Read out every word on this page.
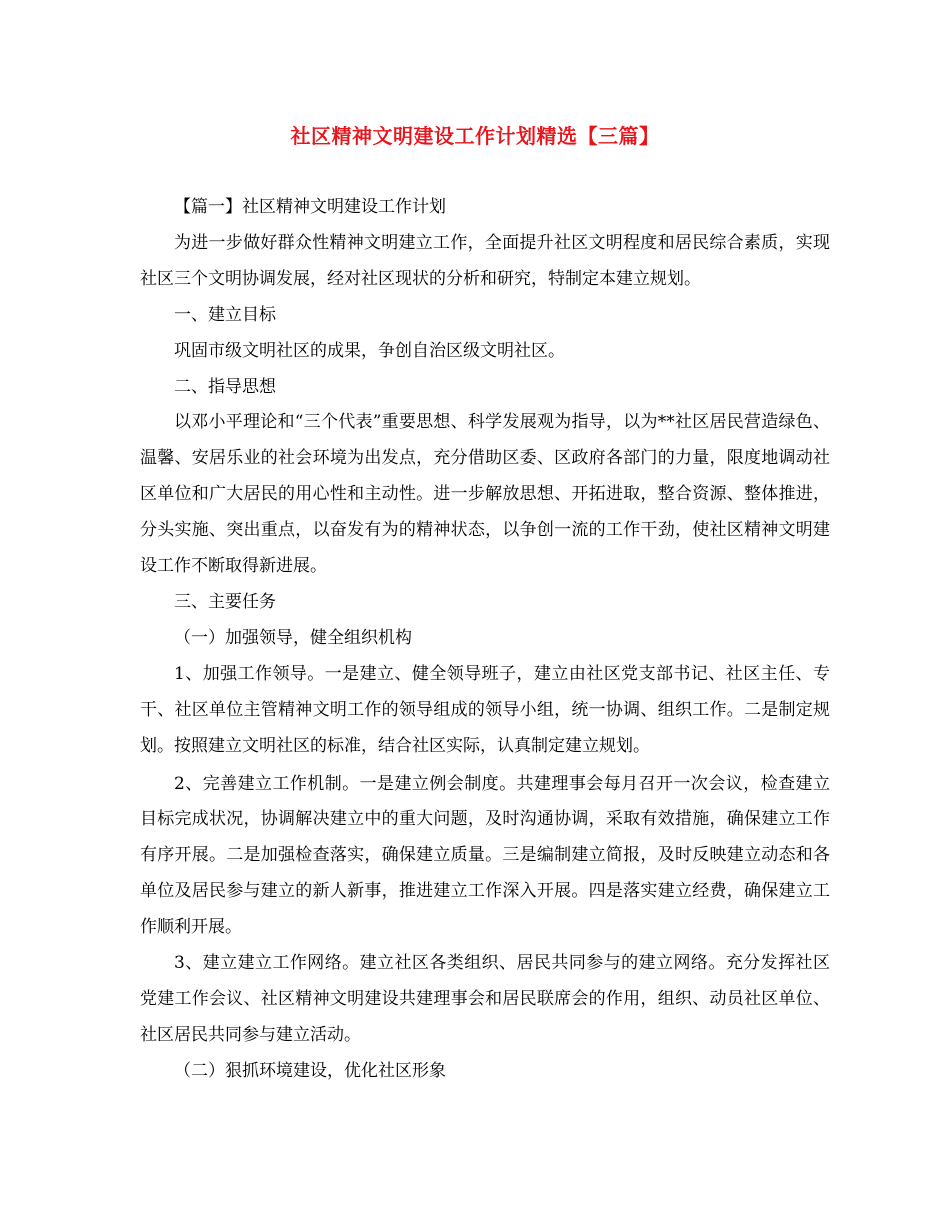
社区精神文明建设工作计划精选【三篇】

【篇一】社区精神文明建设工作计划

为进一步做好群众性精神文明建立工作，全面提升社区文明程度和居民综合素质，实现社区三个文明协调发展，经对社区现状的分析和研究，特制定本建立规划。

一、建立目标

巩固市级文明社区的成果，争创自治区级文明社区。

二、指导思想

以邓小平理论和“三个代表”重要思想、科学发展观为指导，以为**社区居民营造绿色、温馨、安居乐业的社会环境为出发点，充分借助区委、区政府各部门的力量，限度地调动社区单位和广大居民的用心性和主动性。进一步解放思想、开拓进取，整合资源、整体推进，分头实施、突出重点，以奋发有为的精神状态，以争创一流的工作干劲，使社区精神文明建设工作不断取得新进展。

三、主要任务

（一）加强领导，健全组织机构

1、加强工作领导。一是建立、健全领导班子，建立由社区党支部书记、社区主任、专干、社区单位主管精神文明工作的领导组成的领导小组，统一协调、组织工作。二是制定规划。按照建立文明社区的标准，结合社区实际，认真制定建立规划。

2、完善建立工作机制。一是建立例会制度。共建理事会每月召开一次会议，检查建立目标完成状况，协调解决建立中的重大问题，及时沟通协调，采取有效措施，确保建立工作有序开展。二是加强检查落实，确保建立质量。三是编制建立简报，及时反映建立动态和各单位及居民参与建立的新人新事，推进建立工作深入开展。四是落实建立经费，确保建立工作顺利开展。

3、建立建立工作网络。建立社区各类组织、居民共同参与的建立网络。充分发挥社区党建工作会议、社区精神文明建设共建理事会和居民联席会的作用，组织、动员社区单位、社区居民共同参与建立活动。

（二）狠抓环境建设，优化社区形象
